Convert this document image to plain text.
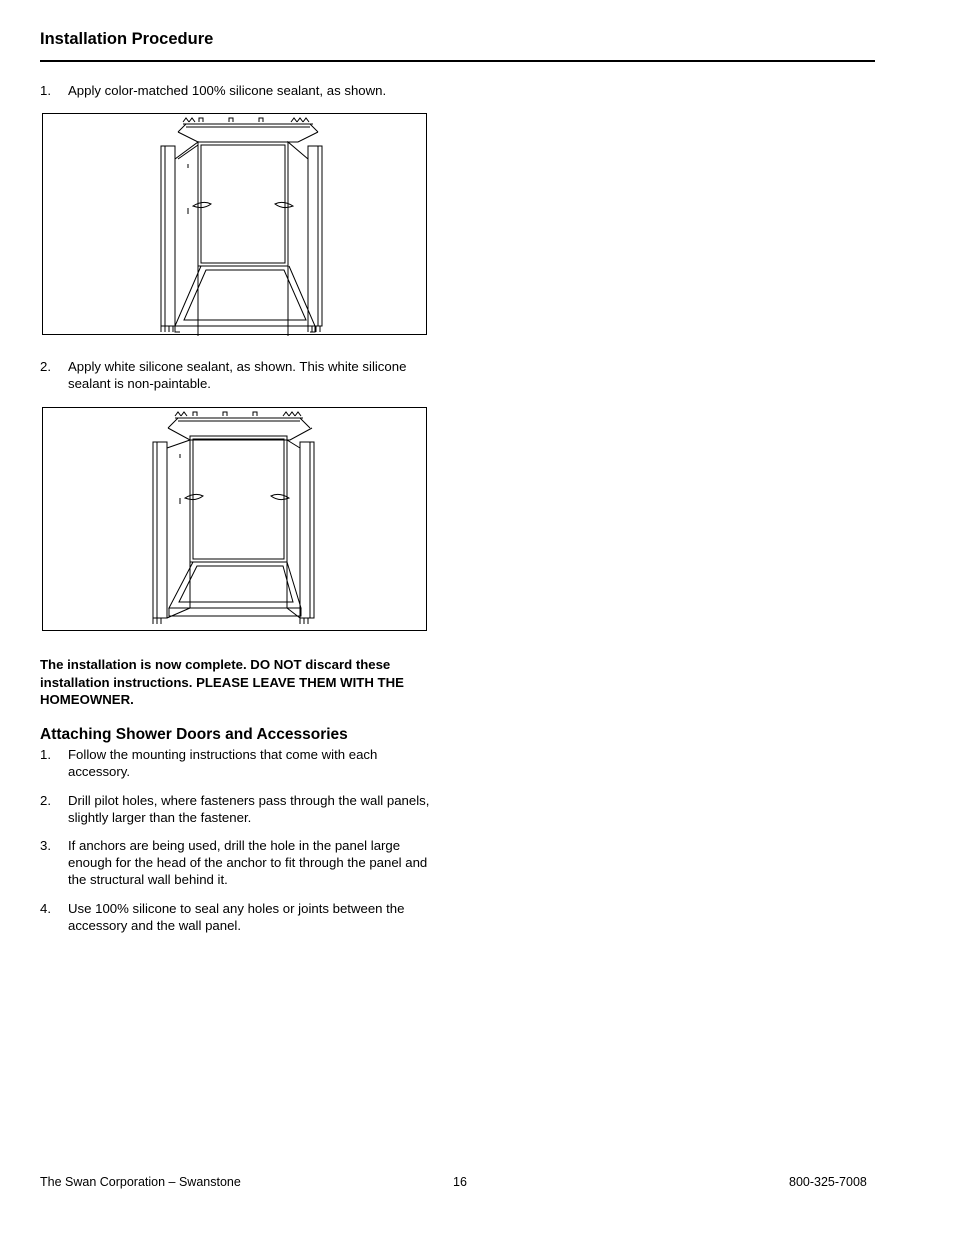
Installation Procedure
1. Apply color-matched 100% silicone sealant, as shown.
2. Apply white silicone sealant, as shown. This white silicone sealant is non-paintable.
The installation is now complete. DO NOT discard these installation instructions. PLEASE LEAVE THEM WITH THE HOMEOWNER.
Attaching Shower Doors and Accessories
1. Follow the mounting instructions that come with each accessory.
2. Drill pilot holes, where fasteners pass through the wall panels, slightly larger than the fastener.
3. If anchors are being used, drill the hole in the panel large enough for the head of the anchor to fit through the panel and the structural wall behind it.
4. Use 100% silicone to seal any holes or joints between the accessory and the wall panel.
The Swan Corporation – Swanstone	16	800-325-7008
